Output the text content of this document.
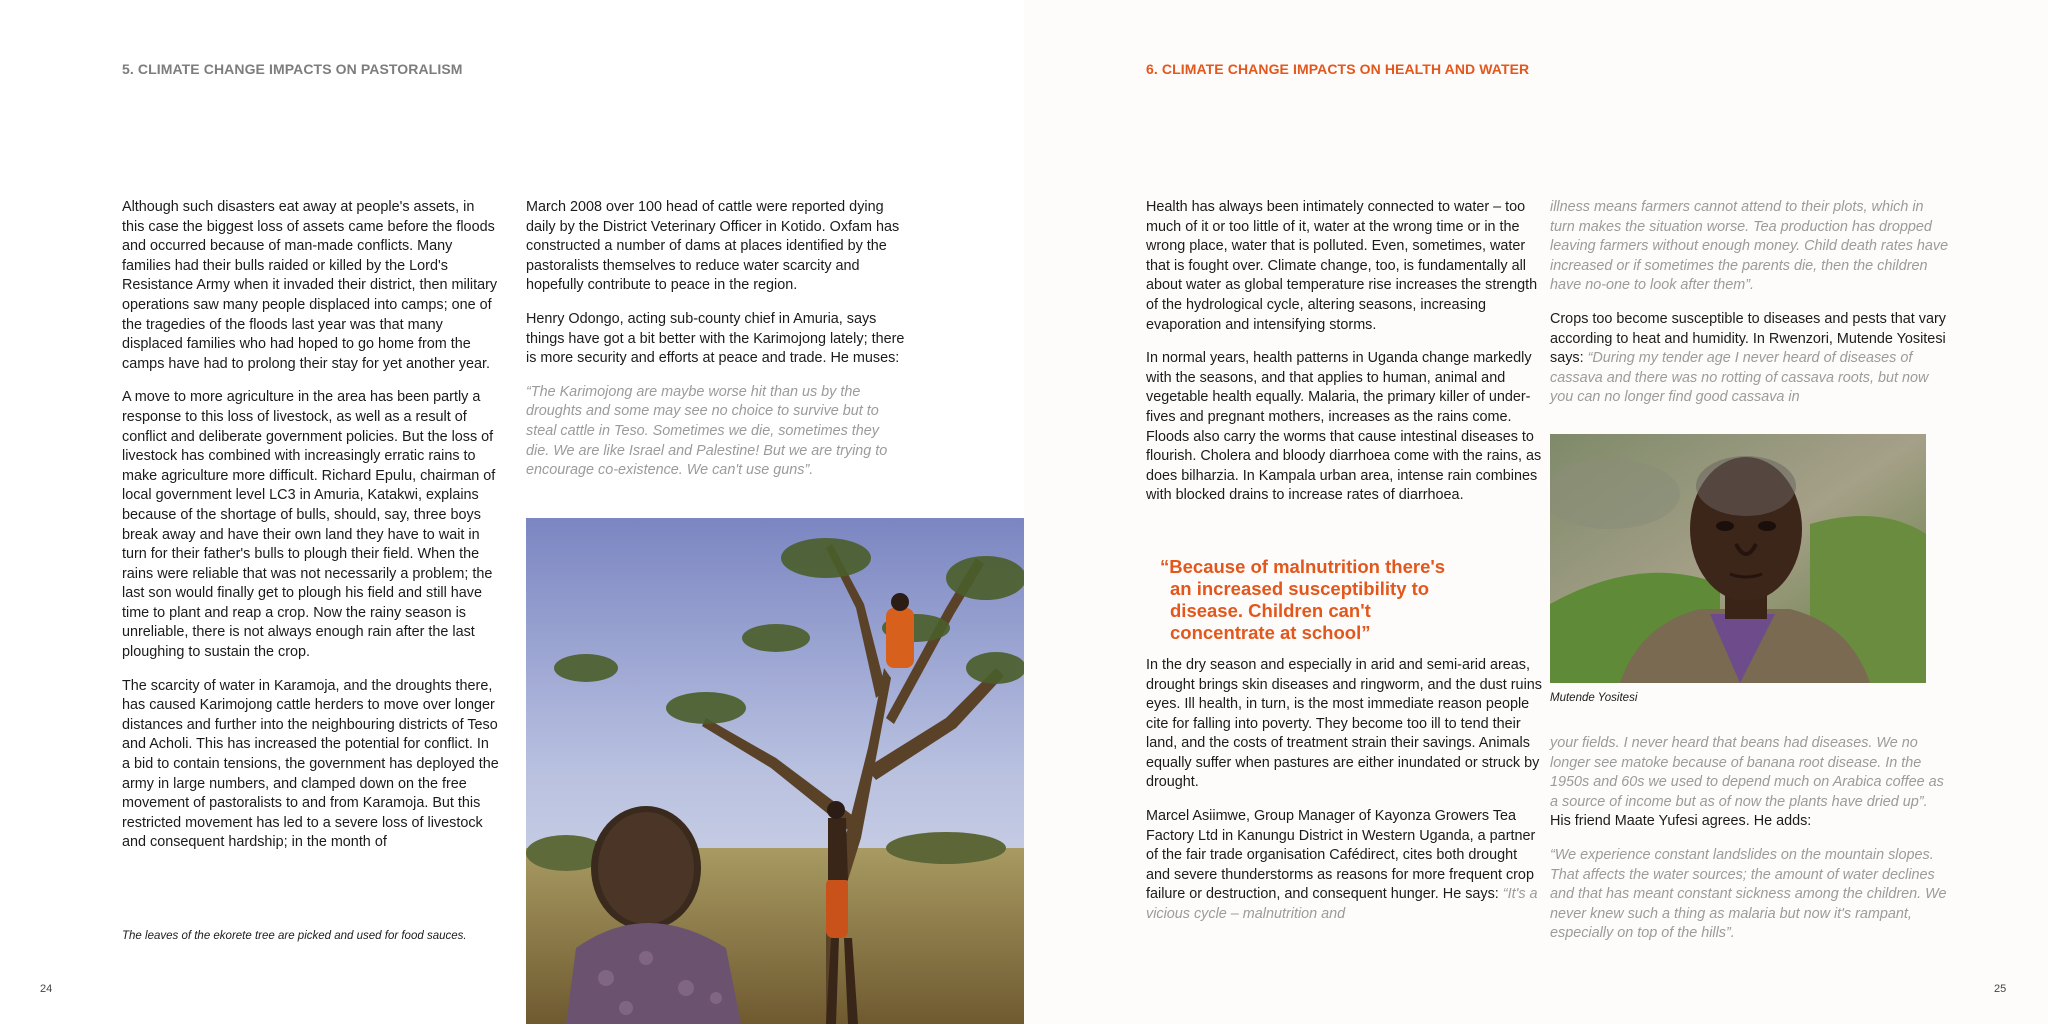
5. CLIMATE CHANGE IMPACTS ON PASTORALISM

Although such disasters eat away at people's assets, in this case the biggest loss of assets came before the floods and occurred because of man-made conflicts. Many families had their bulls raided or killed by the Lord's Resistance Army when it invaded their district, then military operations saw many people displaced into camps; one of the tragedies of the floods last year was that many displaced families who had hoped to go home from the camps have had to prolong their stay for yet another year.

A move to more agriculture in the area has been partly a response to this loss of livestock, as well as a result of conflict and deliberate government policies. But the loss of livestock has combined with increasingly erratic rains to make agriculture more difficult. Richard Epulu, chairman of local government level LC3 in Amuria, Katakwi, explains because of the shortage of bulls, should, say, three boys break away and have their own land they have to wait in turn for their father's bulls to plough their field. When the rains were reliable that was not necessarily a problem; the last son would finally get to plough his field and still have time to plant and reap a crop. Now the rainy season is unreliable, there is not always enough rain after the last ploughing to sustain the crop.

The scarcity of water in Karamoja, and the droughts there, has caused Karimojong cattle herders to move over longer distances and further into the neighbouring districts of Teso and Acholi. This has increased the potential for conflict. In a bid to contain tensions, the government has deployed the army in large numbers, and clamped down on the free movement of pastoralists to and from Karamoja. But this restricted movement has led to a severe loss of livestock and consequent hardship; in the month of

The leaves of the ekorete tree are picked and used for food sauces.

March 2008 over 100 head of cattle were reported dying daily by the District Veterinary Officer in Kotido. Oxfam has constructed a number of dams at places identified by the pastoralists themselves to reduce water scarcity and hopefully contribute to peace in the region.

Henry Odongo, acting sub-county chief in Amuria, says things have got a bit better with the Karimojong lately; there is more security and efforts at peace and trade. He muses:

“The Karimojong are maybe worse hit than us by the droughts and some may see no choice to survive but to steal cattle in Teso. Sometimes we die, sometimes they die. We are like Israel and Palestine! But we are trying to encourage co-existence. We can't use guns”.

24
6. CLIMATE CHANGE IMPACTS ON HEALTH AND WATER

Health has always been intimately connected to water – too much of it or too little of it, water at the wrong time or in the wrong place, water that is polluted. Even, sometimes, water that is fought over. Climate change, too, is fundamentally all about water as global temperature rise increases the strength of the hydrological cycle, altering seasons, increasing evaporation and intensifying storms.

In normal years, health patterns in Uganda change markedly with the seasons, and that applies to human, animal and vegetable health equally. Malaria, the primary killer of under-fives and pregnant mothers, increases as the rains come. Floods also carry the worms that cause intestinal diseases to flourish. Cholera and bloody diarrhoea come with the rains, as does bilharzia. In Kampala urban area, intense rain combines with blocked drains to increase rates of diarrhoea.

In the dry season and especially in arid and semi-arid areas, drought brings skin diseases and ringworm, and the dust ruins eyes. Ill health, in turn, is the most immediate reason people cite for falling into poverty. They become too ill to tend their land, and the costs of treatment strain their savings. Animals equally suffer when pastures are either inundated or struck by drought.

Marcel Asiimwe, Group Manager of Kayonza Growers Tea Factory Ltd in Kanungu District in Western Uganda, a partner of the fair trade organisation Cafédirect, cites both drought and severe thunderstorms as reasons for more frequent crop failure or destruction, and consequent hunger. He says: “It's a vicious cycle – malnutrition and

“Because of malnutrition there's
an increased susceptibility to
disease. Children can't
concentrate at school”

illness means farmers cannot attend to their plots, which in turn makes the situation worse. Tea production has dropped leaving farmers without enough money. Child death rates have increased or if sometimes the parents die, then the children have no-one to look after them”.

Crops too become susceptible to diseases and pests that vary according to heat and humidity. In Rwenzori, Mutende Yositesi says: “During my tender age I never heard of diseases of cassava and there was no rotting of cassava roots, but now you can no longer find good cassava in

Mutende Yositesi

your fields. I never heard that beans had diseases. We no longer see matoke because of banana root disease. In the 1950s and 60s we used to depend much on Arabica coffee as a source of income but as of now the plants have dried up”. His friend Maate Yufesi agrees. He adds:

“We experience constant landslides on the mountain slopes. That affects the water sources; the amount of water declines and that has meant constant sickness among the children. We never knew such a thing as malaria but now it's rampant, especially on top of the hills”.

25
